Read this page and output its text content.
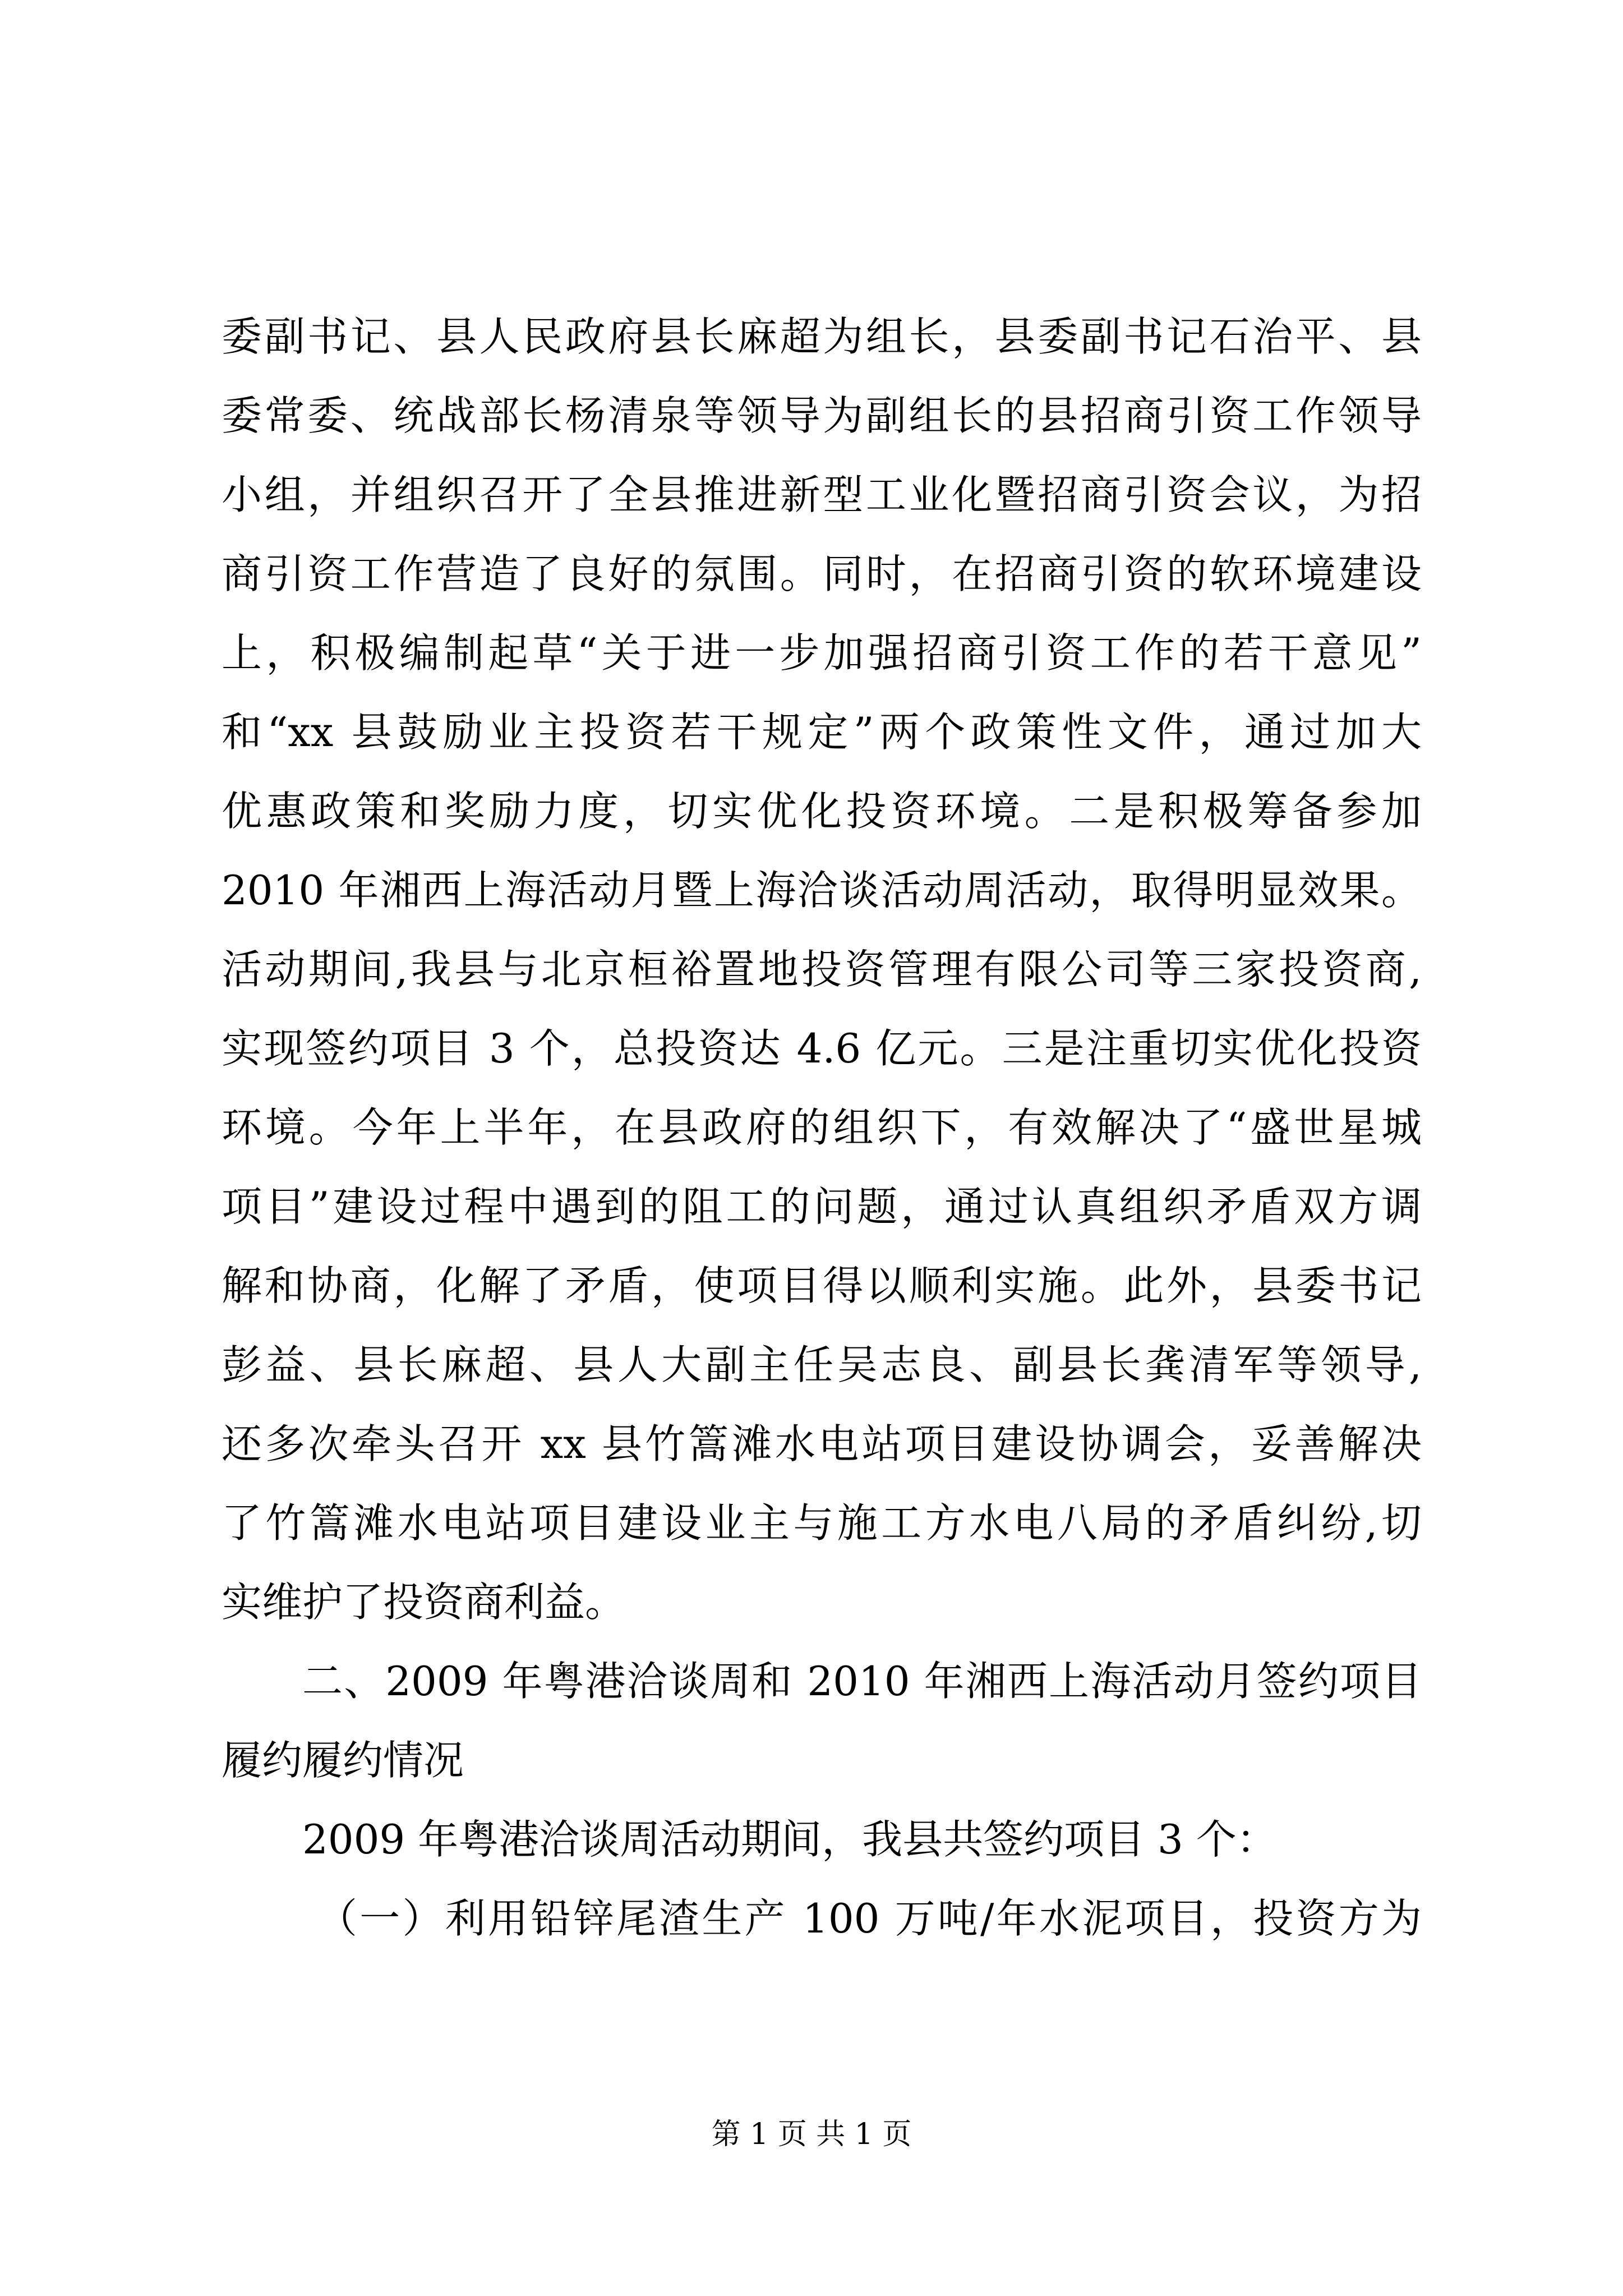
委副书记、县人民政府县长麻超为组长，县委副书记石治平、县
委常委、统战部长杨清泉等领导为副组长的县招商引资工作领导
小组，并组织召开了全县推进新型工业化暨招商引资会议，为招
商引资工作营造了良好的氛围。同时，在招商引资的软环境建设
上，积极编制起草“关于进一步加强招商引资工作的若干意见”
和“xx 县鼓励业主投资若干规定”两个政策性文件，通过加大
优惠政策和奖励力度，切实优化投资环境。二是积极筹备参加
2010 年湘西上海活动月暨上海洽谈活动周活动，取得明显效果。
活动期间,我县与北京桓裕置地投资管理有限公司等三家投资商,
实现签约项目 3 个，总投资达 4.6 亿元。三是注重切实优化投资
环境。今年上半年，在县政府的组织下，有效解决了“盛世星城
项目”建设过程中遇到的阻工的问题，通过认真组织矛盾双方调
解和协商，化解了矛盾，使项目得以顺利实施。此外，县委书记
彭益、县长麻超、县人大副主任吴志良、副县长龚清军等领导,
还多次牵头召开 xx 县竹篙滩水电站项目建设协调会，妥善解决
了竹篙滩水电站项目建设业主与施工方水电八局的矛盾纠纷,切
实维护了投资商利益。
二、2009 年粤港洽谈周和 2010 年湘西上海活动月签约项目
履约履约情况
2009 年粤港洽谈周活动期间，我县共签约项目 3 个：
（一）利用铅锌尾渣生产 100 万吨/年水泥项目，投资方为
第 1 页 共 1 页
